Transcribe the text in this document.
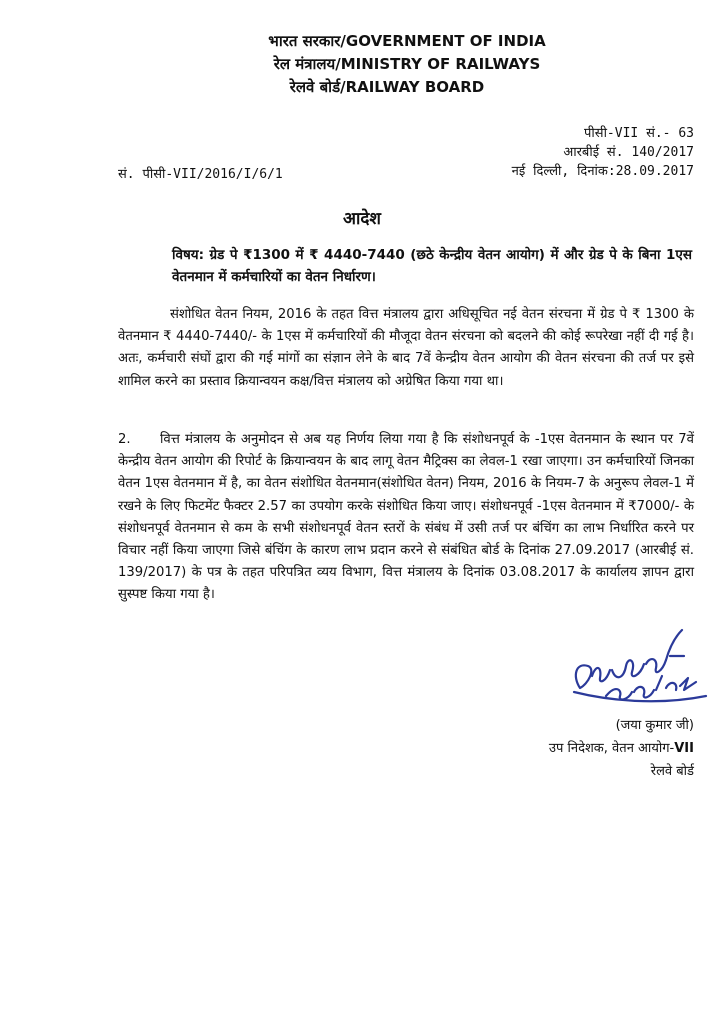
भारत सरकार/GOVERNMENT OF INDIA
रेल मंत्रालय/MINISTRY OF RAILWAYS
रेलवे बोर्ड/RAILWAY BOARD
पीसी-VII सं.- 63
आरबीई सं. 140/2017
नई दिल्ली, दिनांक:28.09.2017
सं. पीसी-VII/2016/I/6/1
आदेश
विषय: ग्रेड पे ₹1300 में ₹ 4440-7440 (छठे केन्द्रीय वेतन आयोग) में और ग्रेड पे के बिना 1एस वेतनमान में कर्मचारियों का वेतन निर्धारण।
संशोधित वेतन नियम, 2016 के तहत वित्त मंत्रालय द्वारा अधिसूचित नई वेतन संरचना में ग्रेड पे ₹ 1300 के वेतनमान ₹ 4440-7440/- के 1एस में कर्मचारियों की मौजूदा वेतन संरचना को बदलने की कोई रूपरेखा नहीं दी गई है। अतः, कर्मचारी संघों द्वारा की गई मांगों का संज्ञान लेने के बाद 7वें केन्द्रीय वेतन आयोग की वेतन संरचना की तर्ज पर इसे शामिल करने का प्रस्ताव क्रियान्वयन कक्ष/वित्त मंत्रालय को अग्रेषित किया गया था।
2. वित्त मंत्रालय के अनुमोदन से अब यह निर्णय लिया गया है कि संशोधनपूर्व के -1एस वेतनमान के स्थान पर 7वें केन्द्रीय वेतन आयोग की रिपोर्ट के क्रियान्वयन के बाद लागू वेतन मैट्रिक्स का लेवल-1 रखा जाएगा। उन कर्मचारियों जिनका वेतन 1एस वेतनमान में है, का वेतन संशोधित वेतनमान(संशोधित वेतन) नियम, 2016 के नियम-7 के अनुरूप लेवल-1 में रखने के लिए फिटमेंट फैक्टर 2.57 का उपयोग करके संशोधित किया जाए। संशोधनपूर्व -1एस वेतनमान में ₹7000/- के संशोधनपूर्व वेतनमान से कम के सभी संशोधनपूर्व वेतन स्तरों के संबंध में उसी तर्ज पर बंचिंग का लाभ निर्धारित करने पर विचार नहीं किया जाएगा जिसे बंचिंग के कारण लाभ प्रदान करने से संबंधित बोर्ड के दिनांक 27.09.2017 (आरबीई सं. 139/2017) के पत्र के तहत परिपत्रित व्यय विभाग, वित्त मंत्रालय के दिनांक 03.08.2017 के कार्यालय ज्ञापन द्वारा सुस्पष्ट किया गया है।
(जया कुमार जी)
उप निदेशक, वेतन आयोग-VII
रेलवे बोर्ड
